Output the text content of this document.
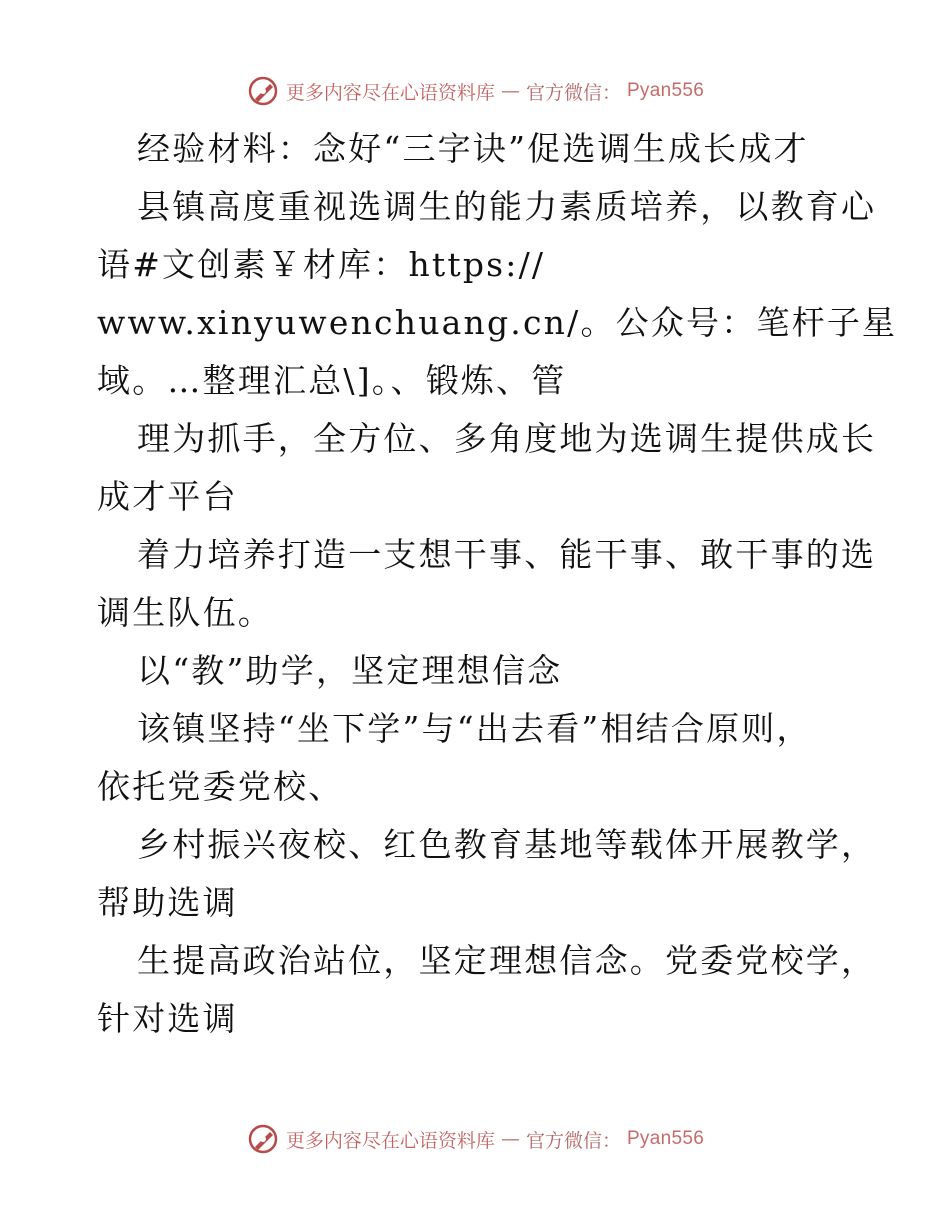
更多内容尽在心语资料库 — 官方微信： Pyan556
经验材料：念好“三字诀”促选调生成长成才
县镇高度重视选调生的能力素质培养，以教育心
语#文创素￥材库：https://
www.xinyuwenchuang.cn/。公众号：笔杆子星
域。…整理汇总\]。、锻炼、管
理为抓手，全方位、多角度地为选调生提供成长
成才平台
着力培养打造一支想干事、能干事、敢干事的选
调生队伍。
以“教”助学，坚定理想信念
该镇坚持“坐下学”与“出去看”相结合原则，
依托党委党校、
乡村振兴夜校、红色教育基地等载体开展教学，
帮助选调
生提高政治站位，坚定理想信念。党委党校学，
针对选调
更多内容尽在心语资料库 — 官方微信： Pyan556
